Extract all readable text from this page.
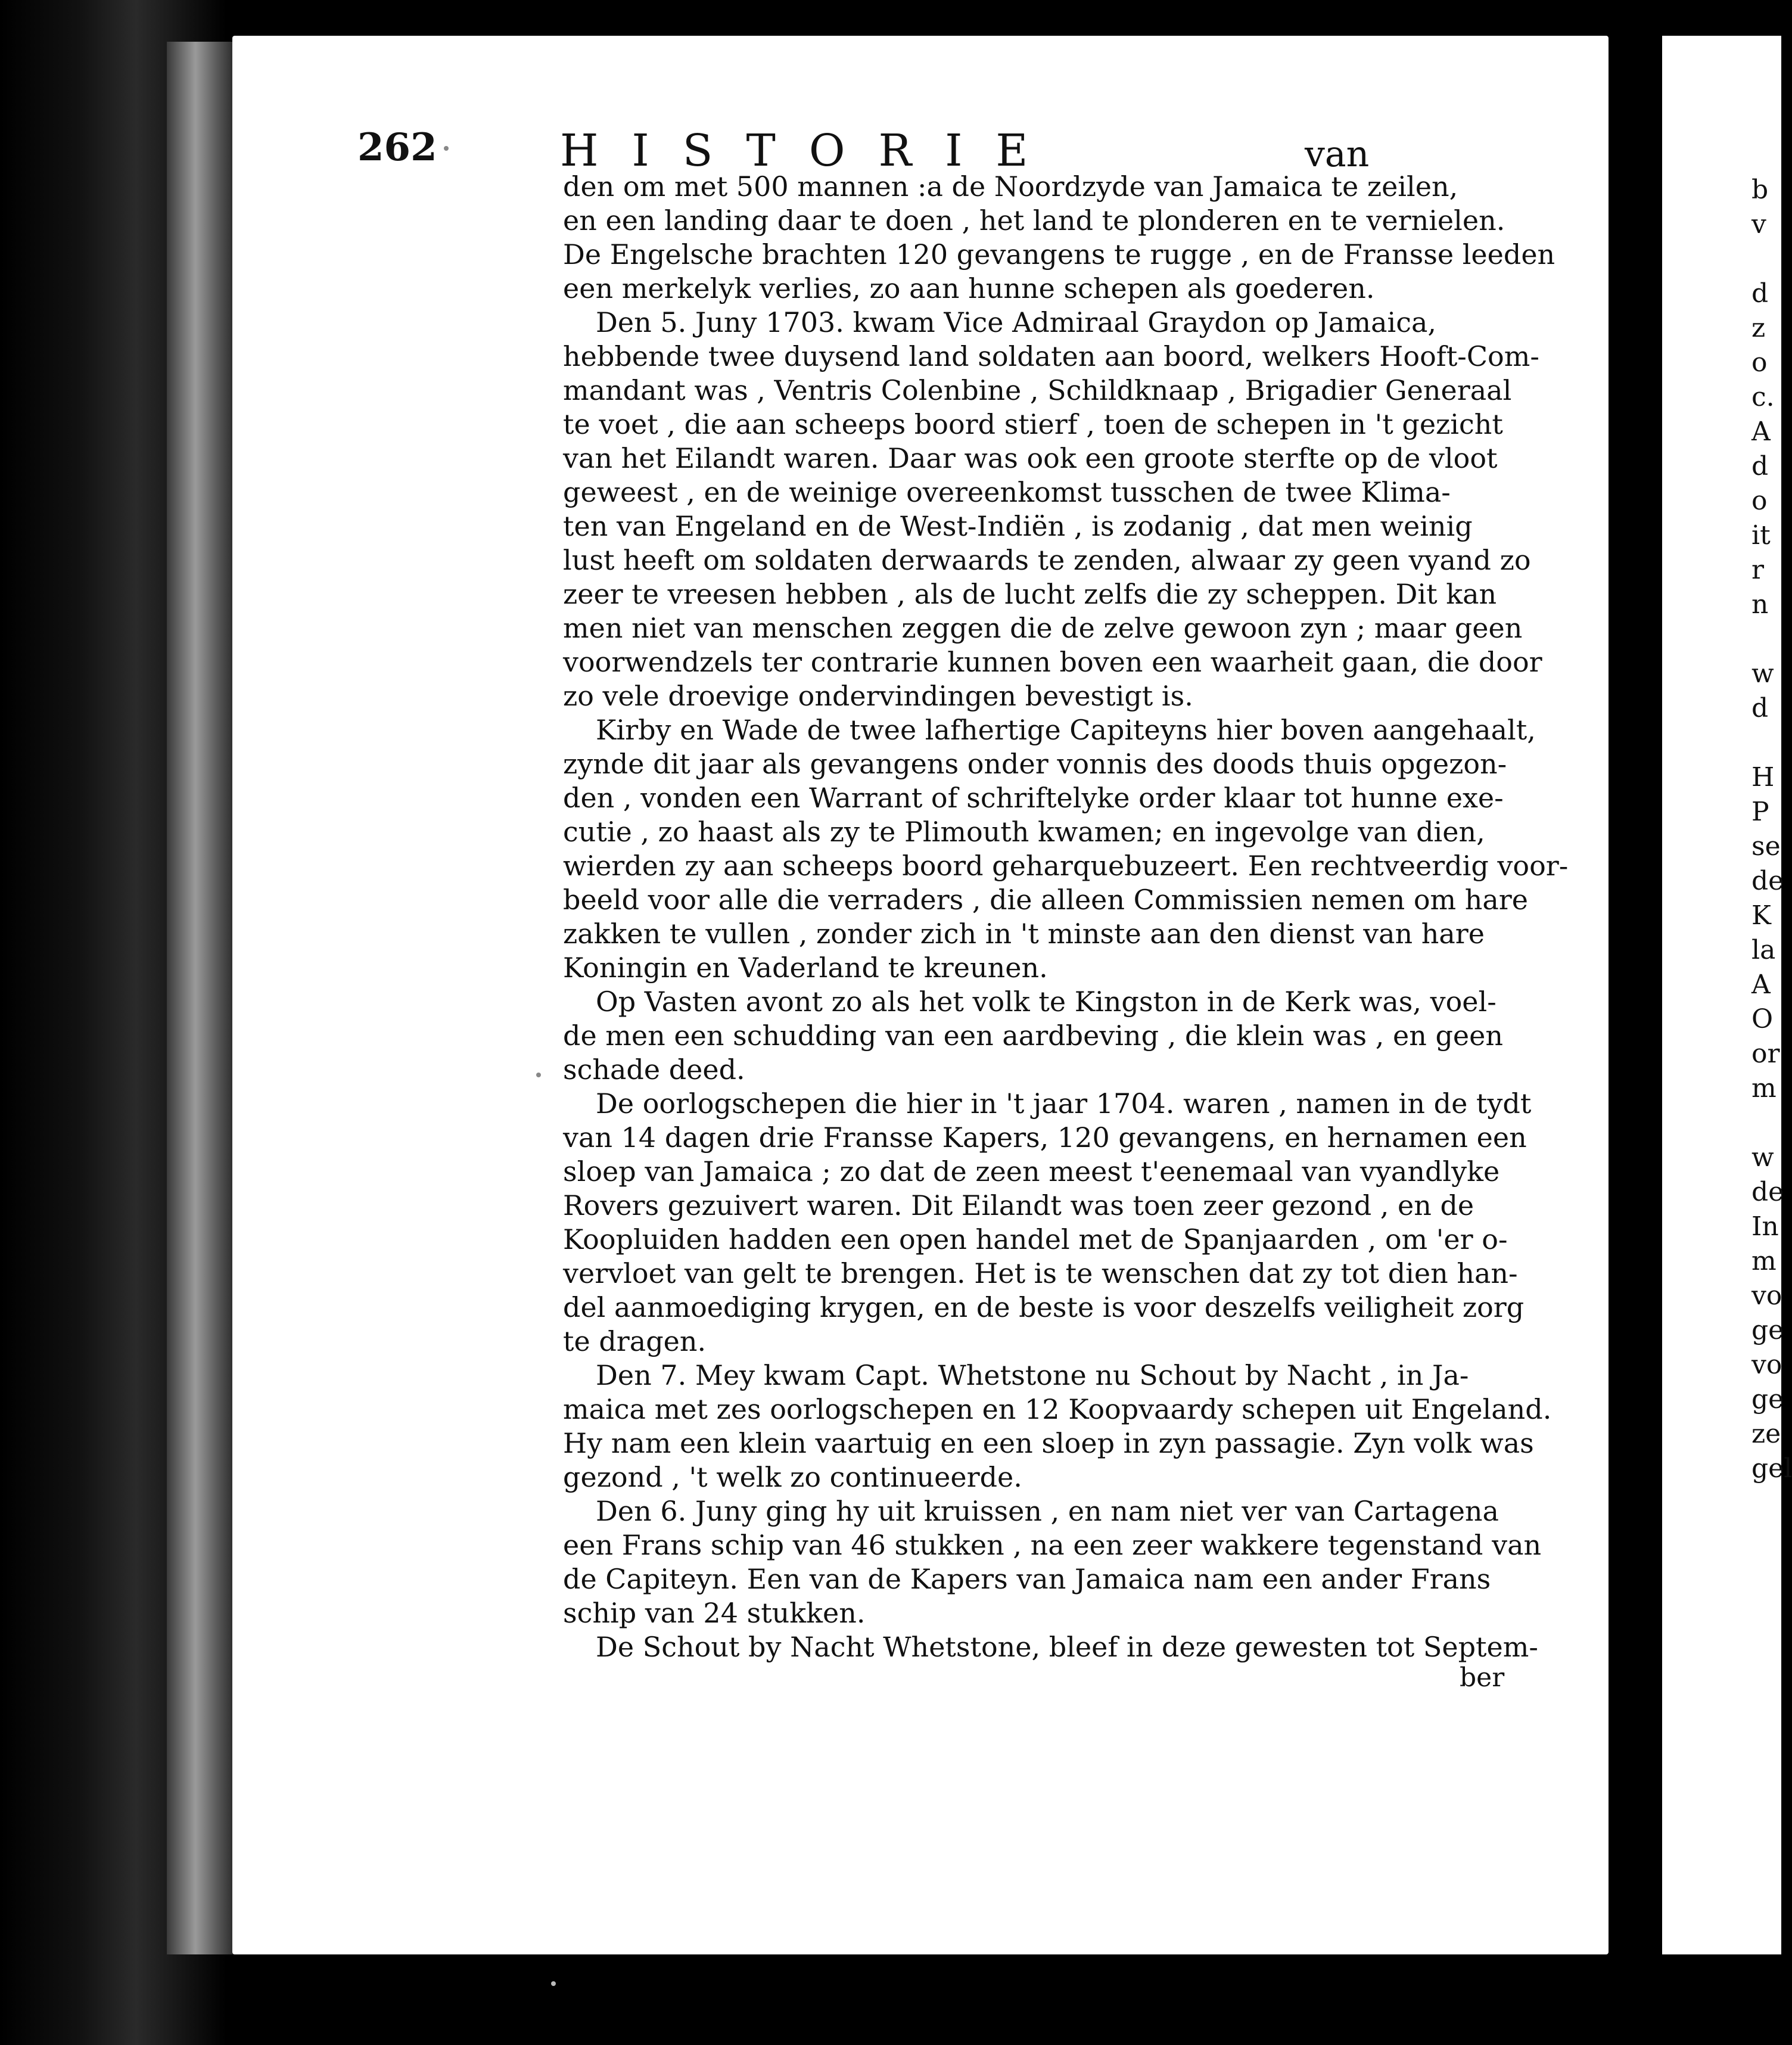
262	HISTORIE	van
den om met 500 mannen :a de Noordzyde van Jamaica te zeilen,
en een landing daar te doen , het land te plonderen en te vernielen.
De Engelsche brachten 120 gevangens te rugge , en de Fransse leeden
een merkelyk verlies, zo aan hunne schepen als goederen.
Den 5. Juny 1703. kwam Vice Admiraal Graydon op Jamaica,
hebbende twee duysend land soldaten aan boord, welkers Hooft-Com-
mandant was , Ventris Colenbine , Schildknaap , Brigadier Generaal
te voet , die aan scheeps boord stierf , toen de schepen in 't gezicht
van het Eilandt waren. Daar was ook een groote sterfte op de vloot
geweest , en de weinige overeenkomst tusschen de twee Klima-
ten van Engeland en de West-Indiën , is zodanig , dat men weinig
lust heeft om soldaten derwaards te zenden, alwaar zy geen vyand zo
zeer te vreesen hebben , als de lucht zelfs die zy scheppen. Dit kan
men niet van menschen zeggen die de zelve gewoon zyn ; maar geen
voorwendzels ter contrarie kunnen boven een waarheit gaan, die door
zo vele droevige ondervindingen bevestigt is.
Kirby en Wade de twee lafhertige Capiteyns hier boven aangehaalt,
zynde dit jaar als gevangens onder vonnis des doods thuis opgezon-
den , vonden een Warrant of schriftelyke order klaar tot hunne exe-
cutie , zo haast als zy te Plimouth kwamen; en ingevolge van dien,
wierden zy aan scheeps boord geharquebuzeert. Een rechtveerdig voor-
beeld voor alle die verraders , die alleen Commissien nemen om hare
zakken te vullen , zonder zich in 't minste aan den dienst van hare
Koningin en Vaderland te kreunen.
Op Vasten avont zo als het volk te Kingston in de Kerk was, voel-
de men een schudding van een aardbeving , die klein was , en geen
schade deed.
De oorlogschepen die hier in 't jaar 1704. waren , namen in de tydt
van 14 dagen drie Fransse Kapers, 120 gevangens, en hernamen een
sloep van Jamaica ; zo dat de zeen meest t'eenemaal van vyandlyke
Rovers gezuivert waren. Dit Eilandt was toen zeer gezond , en de
Koopluiden hadden een open handel met de Spanjaarden , om 'er o-
vervloet van gelt te brengen. Het is te wenschen dat zy tot dien han-
del aanmoediging krygen, en de beste is voor deszelfs veiligheit zorg
te dragen.
Den 7. Mey kwam Capt. Whetstone nu Schout by Nacht , in Ja-
maica met zes oorlogschepen en 12 Koopvaardy schepen uit Engeland.
Hy nam een klein vaartuig en een sloep in zyn passagie. Zyn volk was
gezond , 't welk zo continueerde.
Den 6. Juny ging hy uit kruissen , en nam niet ver van Cartagena
een Frans schip van 46 stukken , na een zeer wakkere tegenstand van
de Capiteyn. Een van de Kapers van Jamaica nam een ander Frans
schip van 24 stukken.
De Schout by Nacht Whetstone, bleef in deze gewesten tot Septem-
ber
b
v
d
z
o
c.
A
d
o
it
r
n
w
d
H
P
se
de
K
la
A
O
or
m
w
de
In
m
vo
ge
vo
ge
ze
gel
